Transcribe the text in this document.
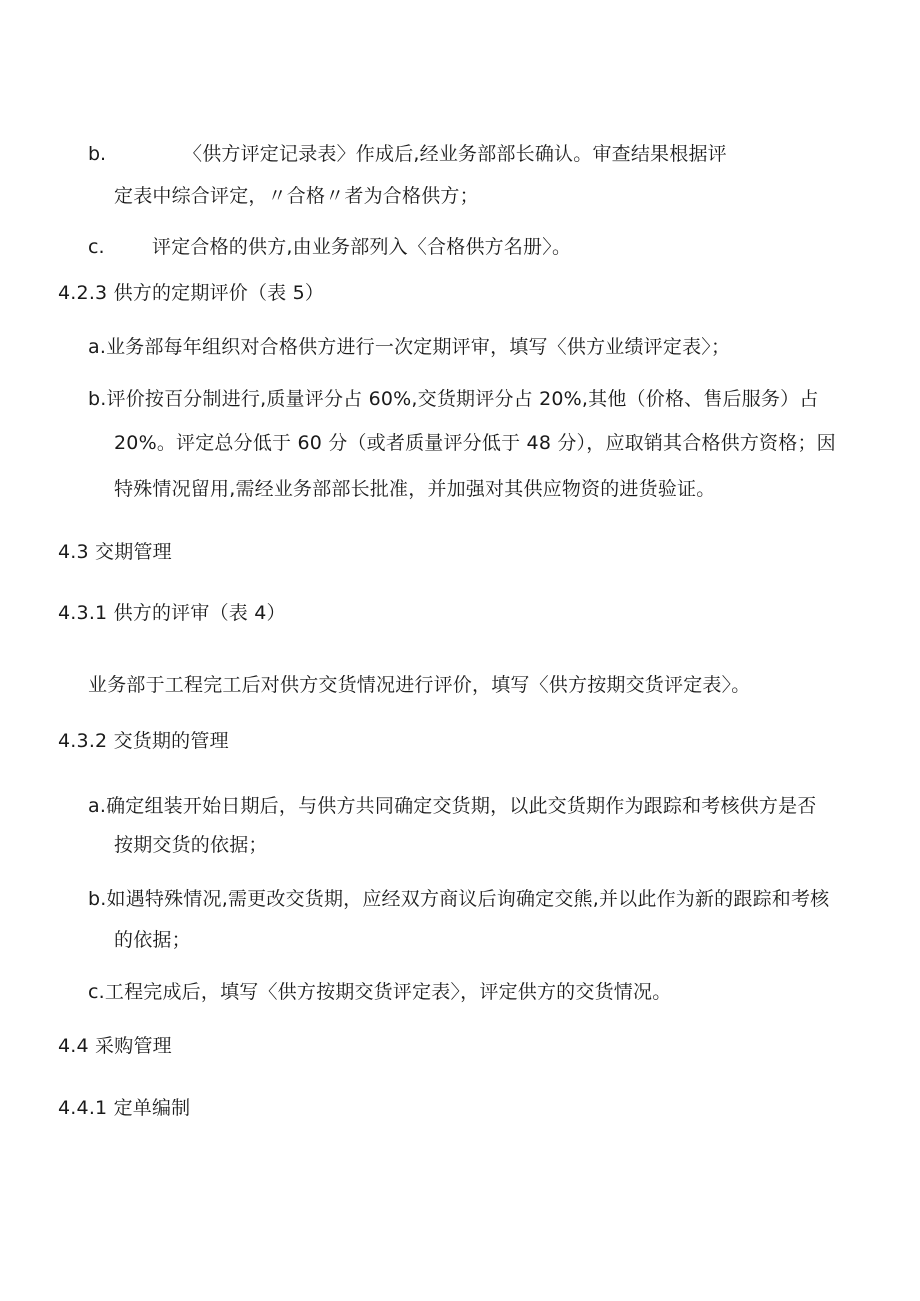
b.	〈供方评定记录表〉作成后,经业务部部长确认。审查结果根据评
定表中综合评定，〃合格〃者为合格供方；
c.	评定合格的供方,由业务部列入〈合格供方名册〉。
4.2.3 供方的定期评价（表 5）
a.业务部每年组织对合格供方进行一次定期评审，填写〈供方业绩评定表〉；
b.评价按百分制进行,质量评分占 60%,交货期评分占 20%,其他（价格、售后服务）占
20%。评定总分低于 60 分（或者质量评分低于 48 分），应取销其合格供方资格；因
特殊情况留用,需经业务部部长批准，并加强对其供应物资的进货验证。
4.3 交期管理
4.3.1 供方的评审（表 4）
业务部于工程完工后对供方交货情况进行评价，填写〈供方按期交货评定表〉。
4.3.2 交货期的管理
a.确定组装开始日期后，与供方共同确定交货期，以此交货期作为跟踪和考核供方是否
按期交货的依据；
b.如遇特殊情况,需更改交货期，应经双方商议后询确定交熊,并以此作为新的跟踪和考核
的依据；
c.工程完成后，填写〈供方按期交货评定表〉，评定供方的交货情况。
4.4 采购管理
4.4.1 定单编制
